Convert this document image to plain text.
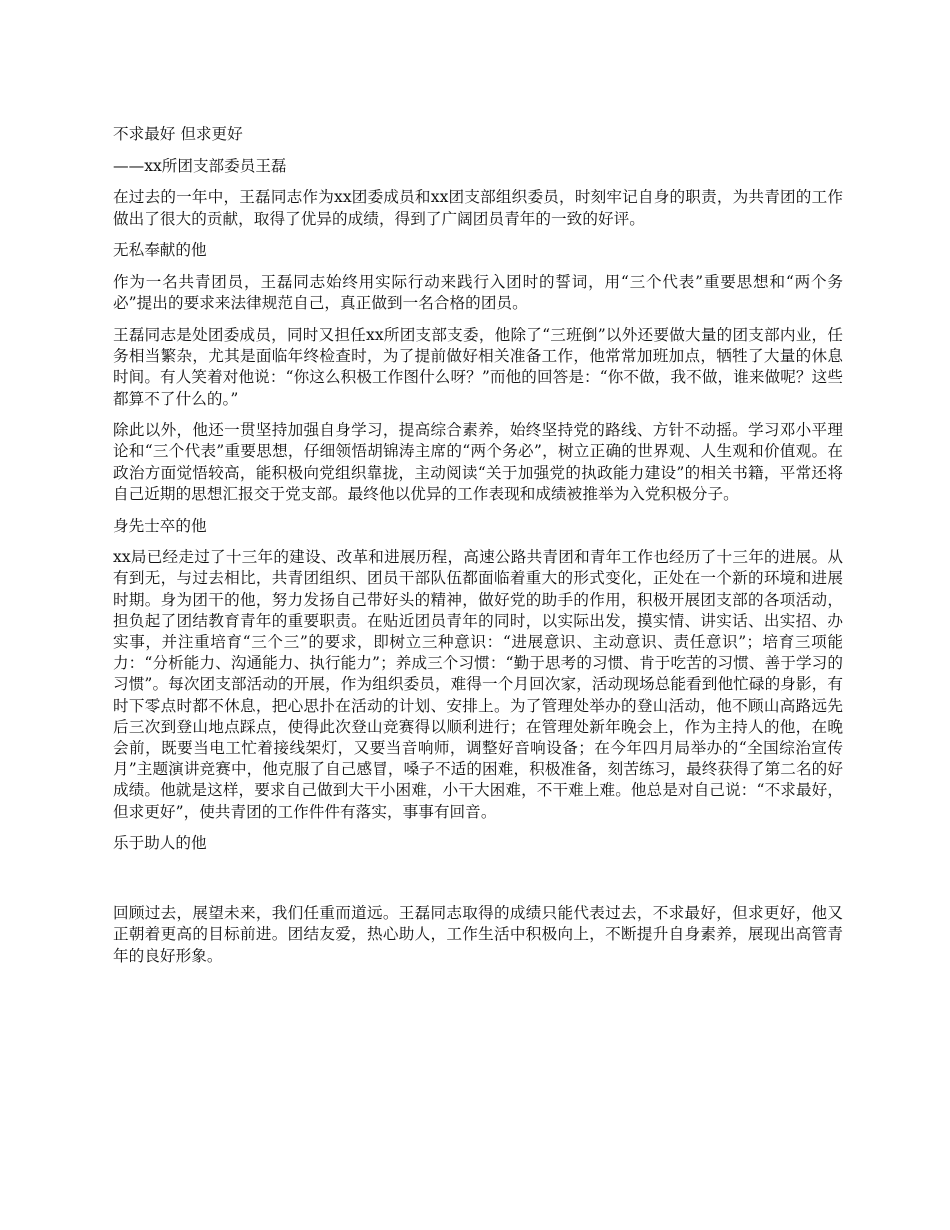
不求最好 但求更好

——xx所团支部委员王磊

在过去的一年中，王磊同志作为xx团委成员和xx团支部组织委员，时刻牢记自身的职责，为共青团的工作做出了很大的贡献，取得了优异的成绩，得到了广阔团员青年的一致的好评。

无私奉献的他

作为一名共青团员，王磊同志始终用实际行动来践行入团时的誓词，用“三个代表”重要思想和“两个务必”提出的要求来法律规范自己，真正做到一名合格的团员。

王磊同志是处团委成员，同时又担任xx所团支部支委，他除了“三班倒”以外还要做大量的团支部内业，任务相当繁杂，尤其是面临年终检查时，为了提前做好相关准备工作，他常常加班加点，牺牲了大量的休息时间。有人笑着对他说：“你这么积极工作图什么呀？”而他的回答是：“你不做，我不做，谁来做呢？这些都算不了什么的。”

除此以外，他还一贯坚持加强自身学习，提高综合素养，始终坚持党的路线、方针不动摇。学习邓小平理论和“三个代表”重要思想，仔细领悟胡锦涛主席的“两个务必”，树立正确的世界观、人生观和价值观。在政治方面觉悟较高，能积极向党组织靠拢，主动阅读“关于加强党的执政能力建设”的相关书籍，平常还将自己近期的思想汇报交于党支部。最终他以优异的工作表现和成绩被推举为入党积极分子。

身先士卒的他

xx局已经走过了十三年的建设、改革和进展历程，高速公路共青团和青年工作也经历了十三年的进展。从有到无，与过去相比，共青团组织、团员干部队伍都面临着重大的形式变化，正处在一个新的环境和进展时期。身为团干的他，努力发扬自己带好头的精神，做好党的助手的作用，积极开展团支部的各项活动，担负起了团结教育青年的重要职责。在贴近团员青年的同时，以实际出发，摸实情、讲实话、出实招、办实事，并注重培育“三个三”的要求，即树立三种意识：“进展意识、主动意识、责任意识”；培育三项能力：“分析能力、沟通能力、执行能力”；养成三个习惯：“勤于思考的习惯、肯于吃苦的习惯、善于学习的习惯”。每次团支部活动的开展，作为组织委员，难得一个月回次家，活动现场总能看到他忙碌的身影，有时下零点时都不休息，把心思扑在活动的计划、安排上。为了管理处举办的登山活动，他不顾山高路远先后三次到登山地点踩点，使得此次登山竞赛得以顺利进行；在管理处新年晚会上，作为主持人的他，在晚会前，既要当电工忙着接线架灯，又要当音响师，调整好音响设备；在今年四月局举办的“全国综治宣传月”主题演讲竞赛中，他克服了自己感冒，嗓子不适的困难，积极准备，刻苦练习，最终获得了第二名的好成绩。他就是这样，要求自己做到大干小困难，小干大困难，不干难上难。他总是对自己说：“不求最好，但求更好”，使共青团的工作件件有落实，事事有回音。

乐于助人的他

回顾过去，展望未来，我们任重而道远。王磊同志取得的成绩只能代表过去，不求最好，但求更好，他又正朝着更高的目标前进。团结友爱，热心助人，工作生活中积极向上，不断提升自身素养，展现出高管青年的良好形象。
